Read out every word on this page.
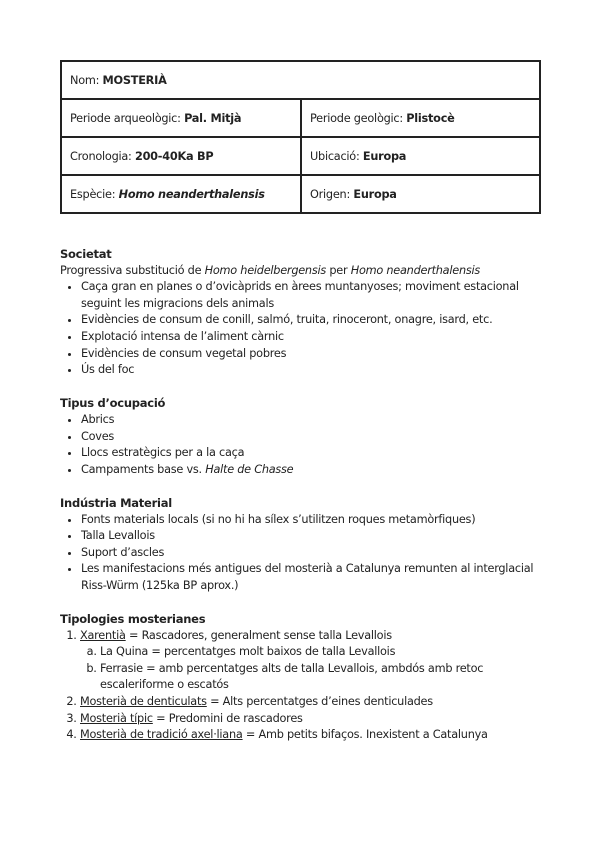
Nom: MOSTERIÀ	
Periode arqueològic: Pal. Mitjà	Periode geològic: Plistocè
Cronologia: 200-40Ka BP	Ubicació: Europa
Espècie: Homo neanderthalensis	Origen: Europa
Societat

Progressiva substitució de Homo heidelbergensis per Homo neanderthalensis

• Caça gran en planes o d’ovicàprids en àrees muntanyoses; moviment estacional seguint les migracions dels animals
• Evidències de consum de conill, salmó, truita, rinoceront, onagre, isard, etc.
• Explotació intensa de l’aliment càrnic
• Evidències de consum vegetal pobres
• Ús del foc
Tipus d’ocupació
• Abrics
• Coves
• Llocs estratègics per a la caça
• Campaments base vs. Halte de Chasse
Indústria Material
• Fonts materials locals (si no hi ha sílex s’utilitzen roques metamòrfiques)
• Talla Levallois
• Suport d’ascles
• Les manifestacions més antigues del mosterià a Catalunya remunten al interglacial Riss-Würm (125ka BP aprox.)
Tipologies mosterianes
1. Xarentià = Rascadores, generalment sense talla Levallois
a. La Quina = percentatges molt baixos de talla Levallois
b. Ferrasie = amb percentatges alts de talla Levallois, ambdós amb retoc escaleriforme o escatós
2. Mosterià de denticulats = Alts percentatges d’eines denticulades
3. Mosterià típic = Predomini de rascadores
4. Mosterià de tradició axel·liana = Amb petits bifaços. Inexistent a Catalunya
